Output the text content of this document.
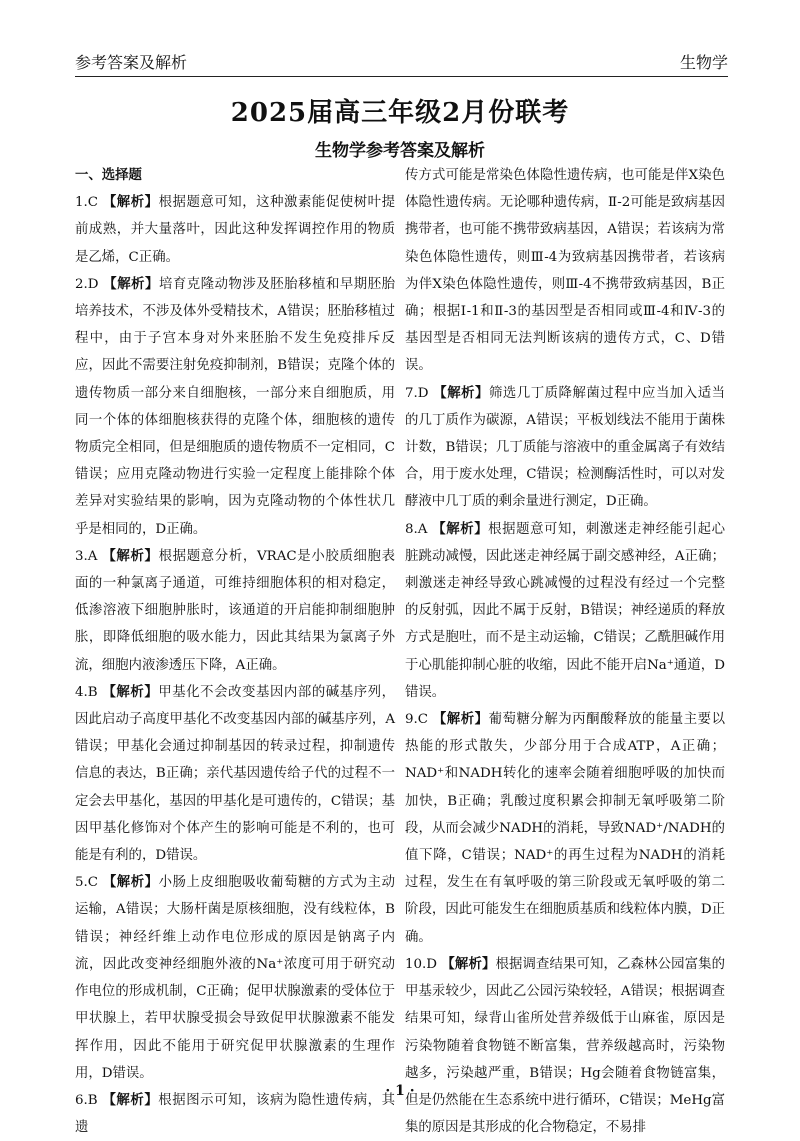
参考答案及解析	生物学
2025届高三年级2月份联考
生物学参考答案及解析
一、选择题
1.C 【解析】根据题意可知，这种激素能促使树叶提前成熟，并大量落叶，因此这种发挥调控作用的物质是乙烯，C正确。
2.D 【解析】培育克隆动物涉及胚胎移植和早期胚胎培养技术，不涉及体外受精技术，A错误；胚胎移植过程中，由于子宫本身对外来胚胎不发生免疫排斥反应，因此不需要注射免疫抑制剂，B错误；克隆个体的遗传物质一部分来自细胞核，一部分来自细胞质，用同一个体的体细胞核获得的克隆个体，细胞核的遗传物质完全相同，但是细胞质的遗传物质不一定相同，C错误；应用克隆动物进行实验一定程度上能排除个体差异对实验结果的影响，因为克隆动物的个体性状几乎是相同的，D正确。
3.A 【解析】根据题意分析，VRAC是小胶质细胞表面的一种氯离子通道，可维持细胞体积的相对稳定，低渗溶液下细胞肿胀时，该通道的开启能抑制细胞肿胀，即降低细胞的吸水能力，因此其结果为氯离子外流，细胞内液渗透压下降，A正确。
4.B 【解析】甲基化不会改变基因内部的碱基序列，因此启动子高度甲基化不改变基因内部的碱基序列，A错误；甲基化会通过抑制基因的转录过程，抑制遗传信息的表达，B正确；亲代基因遗传给子代的过程不一定会去甲基化，基因的甲基化是可遗传的，C错误；基因甲基化修饰对个体产生的影响可能是不利的，也可能是有利的，D错误。
5.C 【解析】小肠上皮细胞吸收葡萄糖的方式为主动运输，A错误；大肠杆菌是原核细胞，没有线粒体，B错误；神经纤维上动作电位形成的原因是钠离子内流，因此改变神经细胞外液的Na⁺浓度可用于研究动作电位的形成机制，C正确；促甲状腺激素的受体位于甲状腺上，若甲状腺受损会导致促甲状腺激素不能发挥作用，因此不能用于研究促甲状腺激素的生理作用，D错误。
6.B 【解析】根据图示可知，该病为隐性遗传病，其遗
传方式可能是常染色体隐性遗传病，也可能是伴X染色体隐性遗传病。无论哪种遗传病，Ⅱ-2可能是致病基因携带者，也可能不携带致病基因，A错误；若该病为常染色体隐性遗传，则Ⅲ-4为致病基因携带者，若该病为伴X染色体隐性遗传，则Ⅲ-4不携带致病基因，B正确；根据Ⅰ-1和Ⅱ-3的基因型是否相同或Ⅲ-4和Ⅳ-3的基因型是否相同无法判断该病的遗传方式，C、D错误。
7.D 【解析】筛选几丁质降解菌过程中应当加入适当的几丁质作为碳源，A错误；平板划线法不能用于菌株计数，B错误；几丁质能与溶液中的重金属离子有效结合，用于废水处理，C错误；检测酶活性时，可以对发酵液中几丁质的剩余量进行测定，D正确。
8.A 【解析】根据题意可知，刺激迷走神经能引起心脏跳动减慢，因此迷走神经属于副交感神经，A正确；刺激迷走神经导致心跳减慢的过程没有经过一个完整的反射弧，因此不属于反射，B错误；神经递质的释放方式是胞吐，而不是主动运输，C错误；乙酰胆碱作用于心肌能抑制心脏的收缩，因此不能开启Na⁺通道，D错误。
9.C 【解析】葡萄糖分解为丙酮酸释放的能量主要以热能的形式散失，少部分用于合成ATP，A正确；NAD⁺和NADH转化的速率会随着细胞呼吸的加快而加快，B正确；乳酸过度积累会抑制无氧呼吸第二阶段，从而会减少NADH的消耗，导致NAD⁺/NADH的值下降，C错误；NAD⁺的再生过程为NADH的消耗过程，发生在有氧呼吸的第三阶段或无氧呼吸的第二阶段，因此可能发生在细胞质基质和线粒体内膜，D正确。
10.D 【解析】根据调查结果可知，乙森林公园富集的甲基汞较少，因此乙公园污染较轻，A错误；根据调查结果可知，绿背山雀所处营养级低于山麻雀，原因是污染物随着食物链不断富集，营养级越高时，污染物越多，污染越严重，B错误；Hg会随着食物链富集，但是仍然能在生态系统中进行循环，C错误；MeHg富集的原因是其形成的化合物稳定，不易排
· 1 ·
